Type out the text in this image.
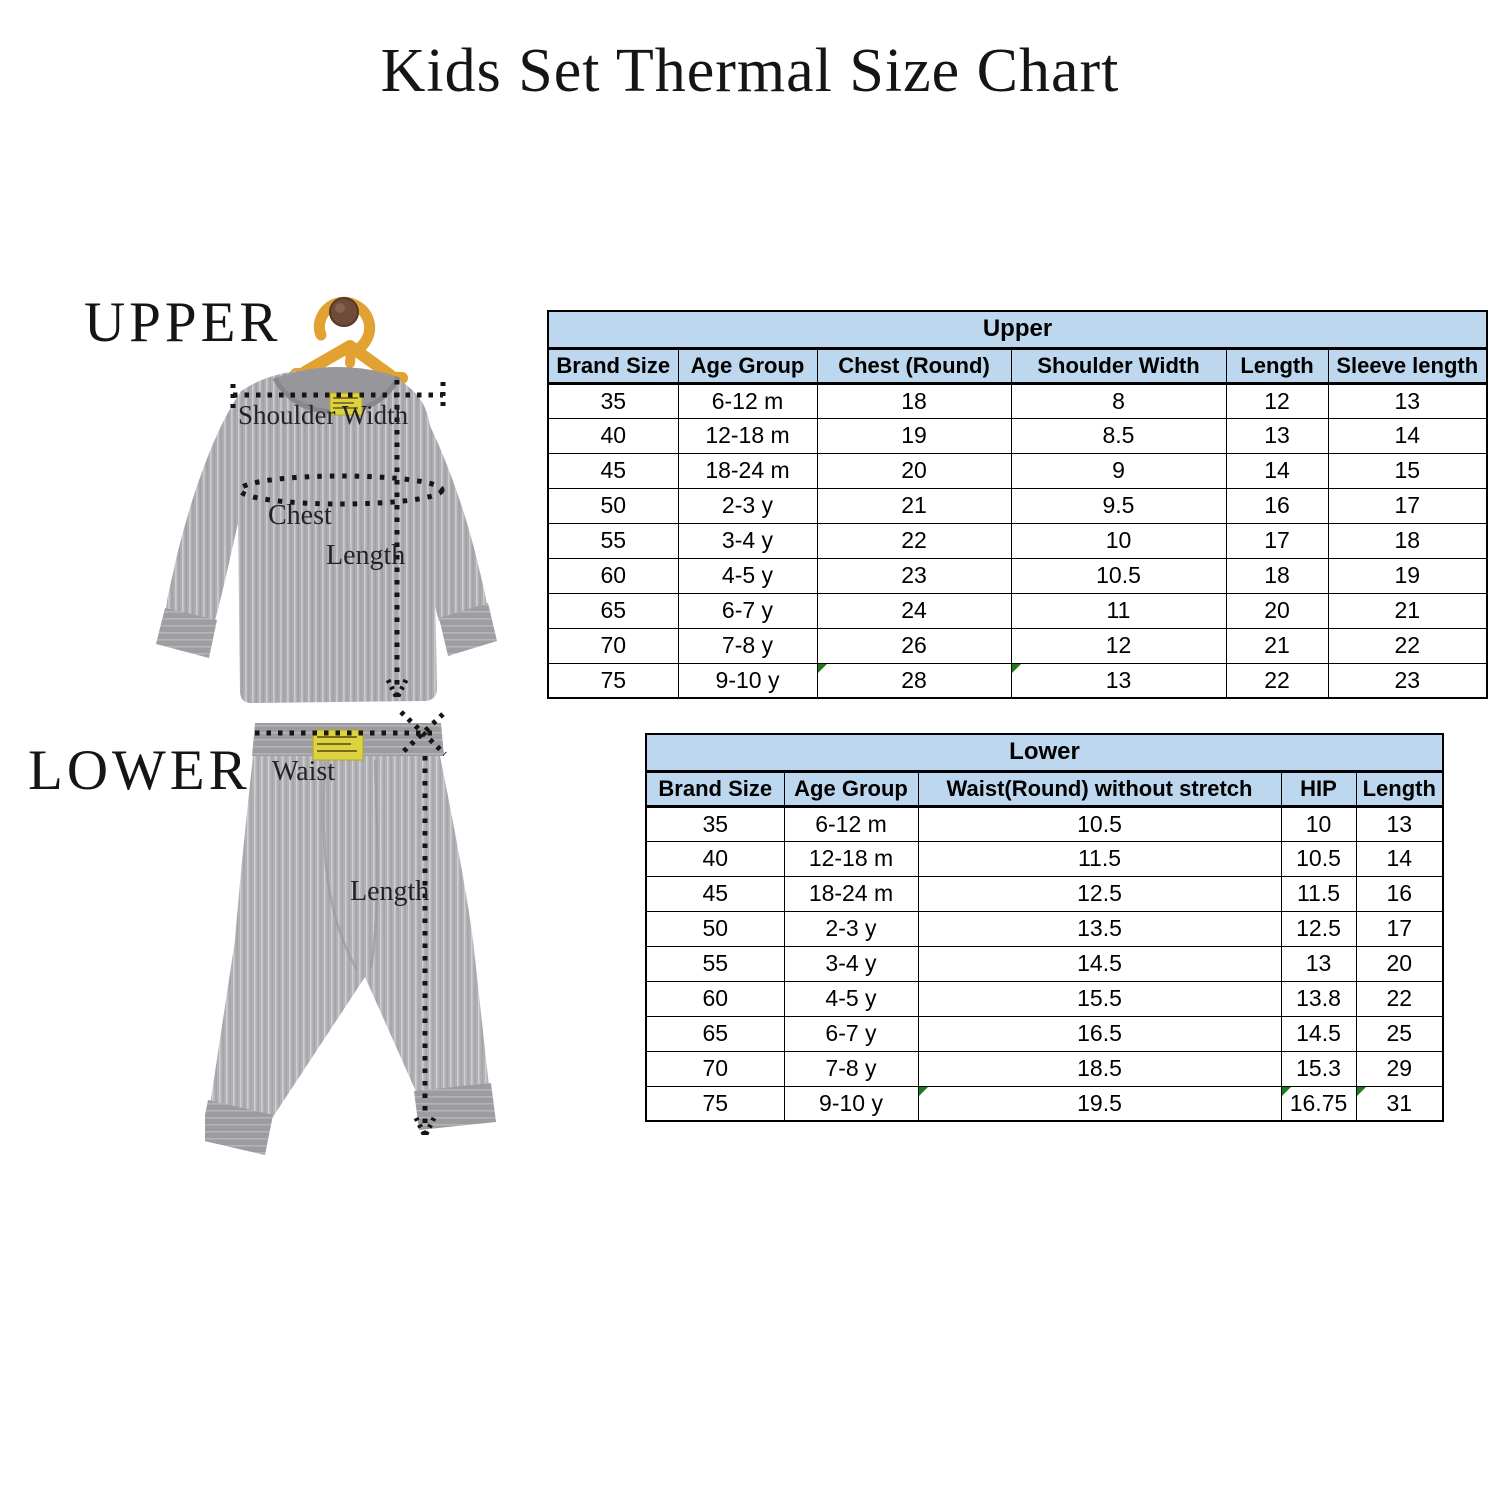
Kids Set Thermal Size Chart
UPPER
LOWER
Shoulder Width
Chest
Length
Waist
Length
Upper					
Brand Size	Age Group	Chest (Round)	Shoulder Width	Length	Sleeve length
35	6-12 m	18	8	12	13
40	12-18 m	19	8.5	13	14
45	18-24 m	20	9	14	15
50	2-3 y	21	9.5	16	17
55	3-4 y	22	10	17	18
60	4-5 y	23	10.5	18	19
65	6-7 y	24	11	20	21
70	7-8 y	26	12	21	22
75	9-10 y	28	13	22	23
Lower				
Brand Size	Age Group	Waist(Round) without stretch	HIP	Length
35	6-12 m	10.5	10	13
40	12-18 m	11.5	10.5	14
45	18-24 m	12.5	11.5	16
50	2-3 y	13.5	12.5	17
55	3-4 y	14.5	13	20
60	4-5 y	15.5	13.8	22
65	6-7 y	16.5	14.5	25
70	7-8 y	18.5	15.3	29
75	9-10 y	19.5	16.75	31
